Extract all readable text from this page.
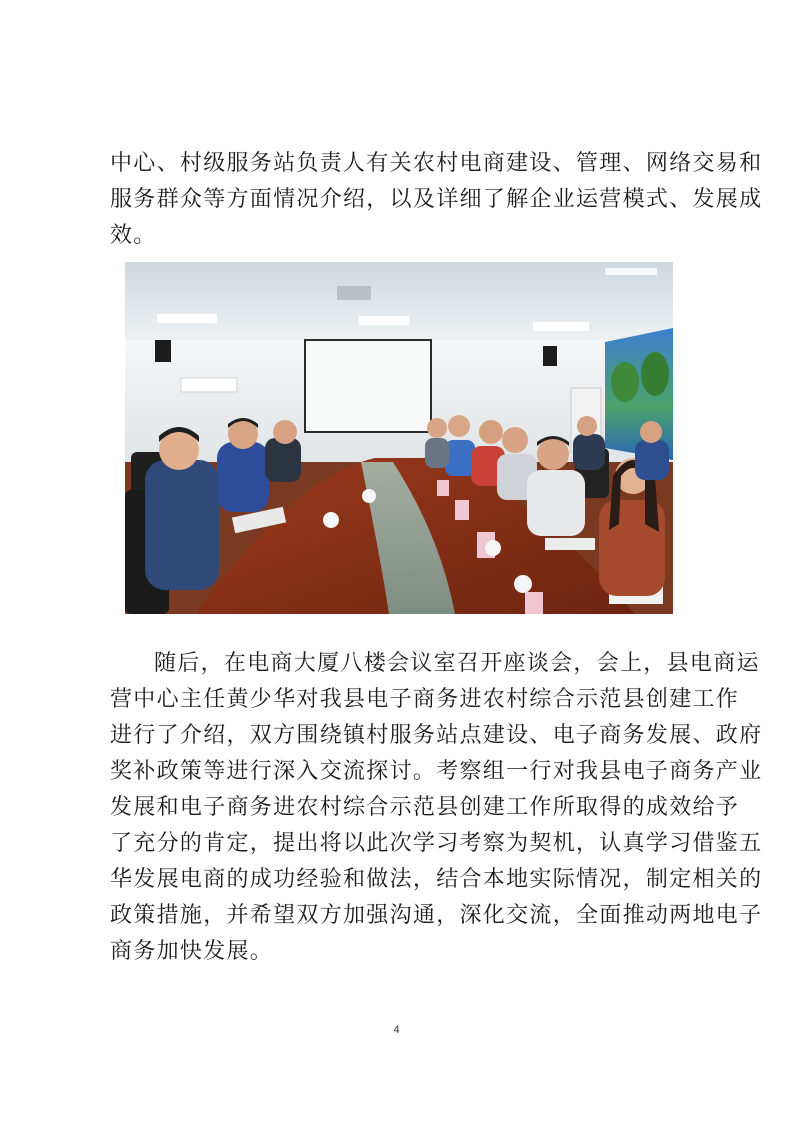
中心、村级服务站负责人有关农村电商建设、管理、网络交易和
服务群众等方面情况介绍，以及详细了解企业运营模式、发展成
效。
随后，在电商大厦八楼会议室召开座谈会，会上，县电商运
营中心主任黄少华对我县电子商务进农村综合示范县创建工作
进行了介绍，双方围绕镇村服务站点建设、电子商务发展、政府
奖补政策等进行深入交流探讨。考察组一行对我县电子商务产业
发展和电子商务进农村综合示范县创建工作所取得的成效给予
了充分的肯定，提出将以此次学习考察为契机，认真学习借鉴五
华发展电商的成功经验和做法，结合本地实际情况，制定相关的
政策措施，并希望双方加强沟通，深化交流，全面推动两地电子
商务加快发展。
4
